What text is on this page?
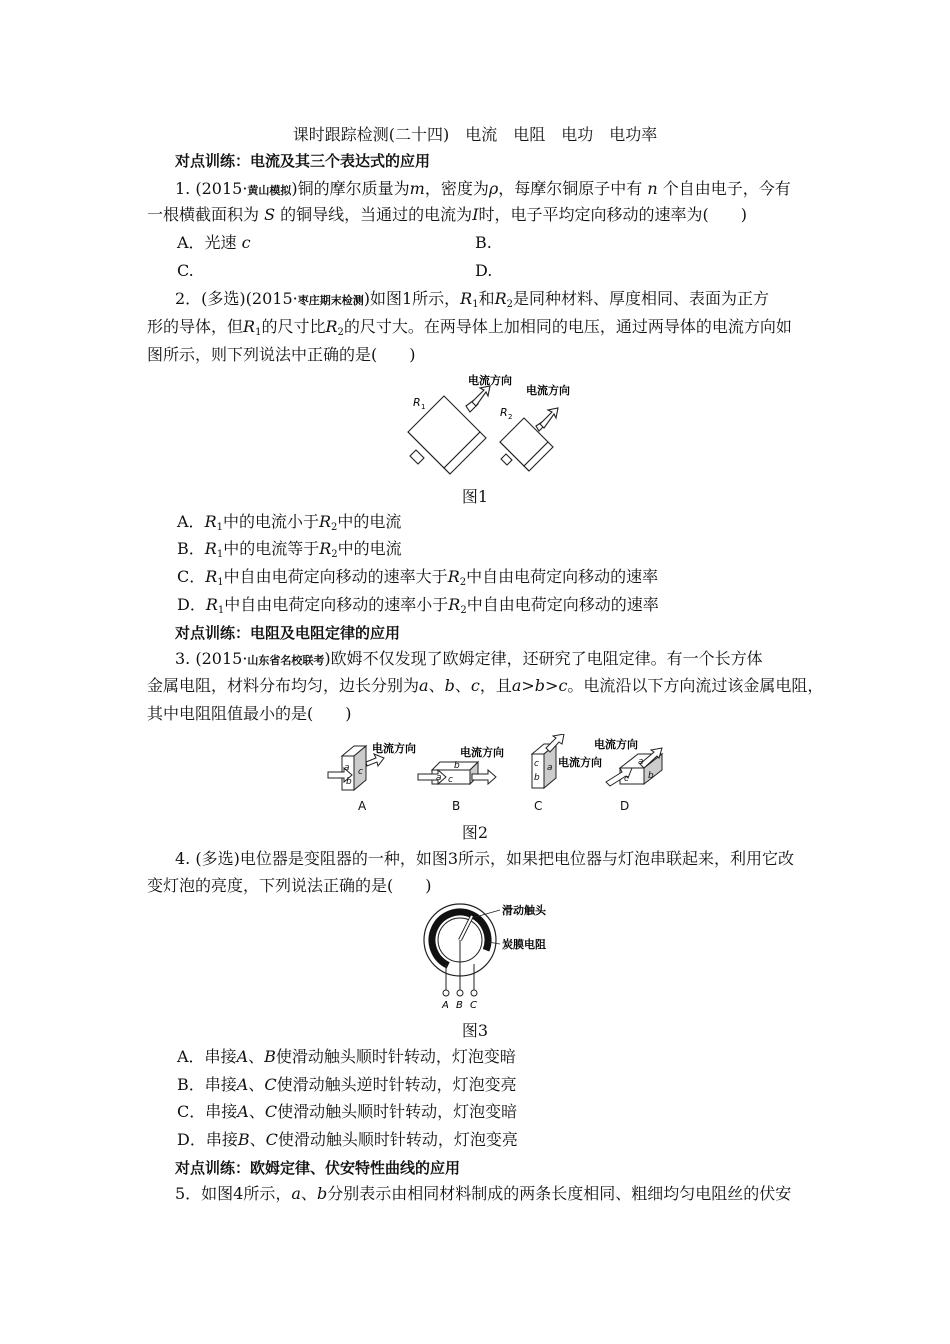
课时跟踪检测(二十四)　电流　电阻　电功　电功率
对点训练：电流及其三个表达式的应用
1. (2015·黄山模拟)铜的摩尔质量为m，密度为ρ，每摩尔铜原子中有 n 个自由电子，今有
一根横截面积为 S 的铜导线，当通过的电流为I时，电子平均定向移动的速率为(　　)
A．光速 c	B.
C.	D.
2．(多选)(2015·枣庄期末检测)如图1所示，$R_1$和$R_2$是同种材料、厚度相同、表面为正方
形的导体，但$R_1$的尺寸比$R_2$的尺寸大。在两导体上加相同的电压，通过两导体的电流方向如
图所示，则下列说法中正确的是(　　)
电流方向
电流方向
R 1	R 2
图1
A．$R_1$中的电流小于$R_2$中的电流
B．$R_1$中的电流等于$R_2$中的电流
C．$R_1$中自由电荷定向移动的速率大于$R_2$中自由电荷定向移动的速率
D．$R_1$中自由电荷定向移动的速率小于$R_2$中自由电荷定向移动的速率
对点训练：电阻及电阻定律的应用
3. (2015·山东省名校联考)欧姆不仅发现了欧姆定律，还研究了电阻定律。有一个长方体
金属电阻，材料分布均匀，边长分别为a、b、c，且a>b>c。电流沿以下方向流过该金属电阻，
其中电阻阻值最小的是(　　)
电流方向	电流方向
电流方向
电流方向
a
b
c
b
c
a
c
b
a
c b
a
A	B	C	D
图2
4. (多选)电位器是变阻器的一种，如图3所示，如果把电位器与灯泡串联起来，利用它改
变灯泡的亮度，下列说法正确的是(　　)
滑动触头
炭膜电阻
A B C
图3
A．串接A、B使滑动触头顺时针转动，灯泡变暗
B．串接A、C使滑动触头逆时针转动，灯泡变亮
C．串接A、C使滑动触头顺时针转动，灯泡变暗
D．串接B、C使滑动触头顺时针转动，灯泡变亮
对点训练：欧姆定律、伏安特性曲线的应用
5．如图4所示，a、b分别表示由相同材料制成的两条长度相同、粗细均匀电阻丝的伏安
